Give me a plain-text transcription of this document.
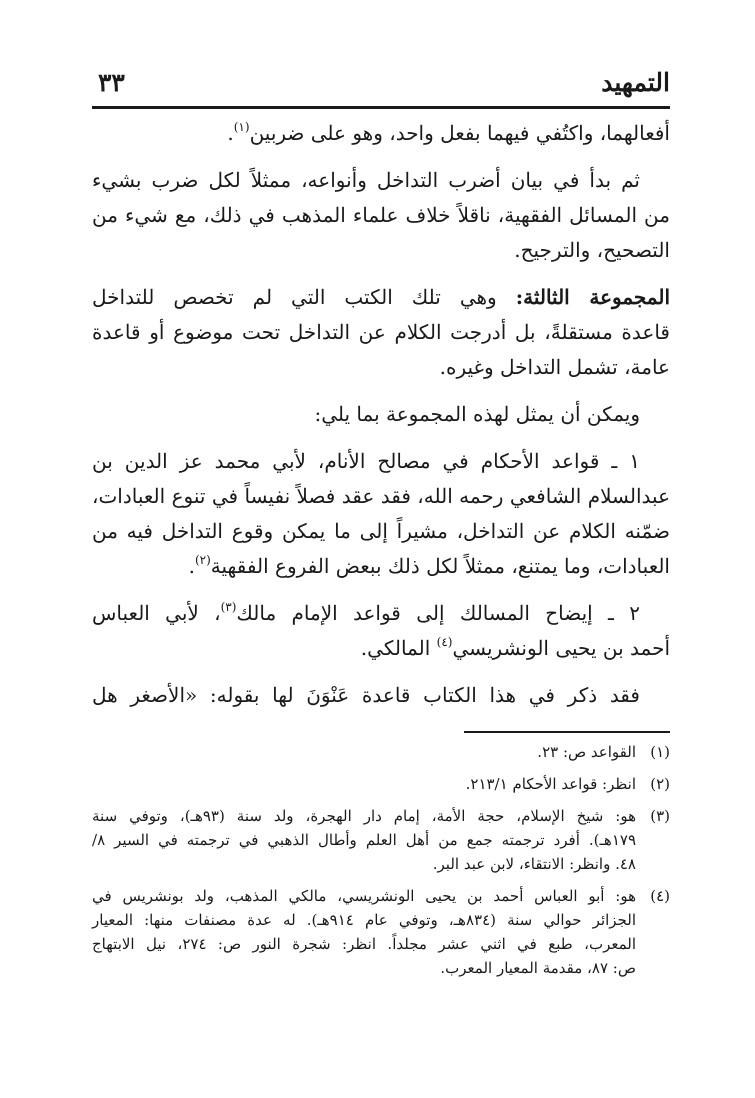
التمهيد
٣٣
أفعالهما، واكتُفي فيهما بفعل واحد، وهو على ضربين$^{(١)}$.
ثم بدأ في بيان أضرب التداخل وأنواعه، ممثلاً لكل ضرب بشيء
من المسائل الفقهية، ناقلاً خلاف علماء المذهب في ذلك، مع شيء من
التصحيح، والترجيح.
المجموعة الثالثة: وهي تلك الكتب التي لم تخصص للتداخل
قاعدة مستقلةً، بل أدرجت الكلام عن التداخل تحت موضوع أو قاعدة
عامة، تشمل التداخل وغيره.
ويمكن أن يمثل لهذه المجموعة بما يلي:
١ ـ قواعد الأحكام في مصالح الأنام، لأبي محمد عز الدين بن
عبدالسلام الشافعي رحمه الله، فقد عقد فصلاً نفيساً في تنوع العبادات،
ضمّنه الكلام عن التداخل، مشيراً إلى ما يمكن وقوع التداخل فيه من
العبادات، وما يمتنع، ممثلاً لكل ذلك ببعض الفروع الفقهية$^{(٢)}$.
٢ ـ إيضاح المسالك إلى قواعد الإمام مالك$^{(٣)}$، لأبي العباس
أحمد بن يحيى الونشريسي$^{(٤)}$ المالكي.
فقد ذكر في هذا الكتاب قاعدة عَنْوَنَ لها بقوله: «الأصغر هل
(١)
القواعد ص: ٢٣.
(٢)
انظر: قواعد الأحكام ٢١٣/١.
(٣)
هو: شيخ الإسلام، حجة الأمة، إمام دار الهجرة، ولد سنة (٩٣هـ)، وتوفي سنة
١٧٩هـ). أفرد ترجمته جمع من أهل العلم وأطال الذهبي في ترجمته في السير ٨/
٤٨. وانظر: الانتقاء، لابن عبد البر.
(٤)
هو: أبو العباس أحمد بن يحيى الونشريسي، مالكي المذهب، ولد بونشريس في
الجزائر حوالي سنة (٨٣٤هـ، وتوفي عام ٩١٤هـ). له عدة مصنفات منها: المعيار
المعرب، طبع في اثني عشر مجلداً. انظر: شجرة النور ص: ٢٧٤، نيل الابتهاج
ص: ٨٧، مقدمة المعيار المعرب.
